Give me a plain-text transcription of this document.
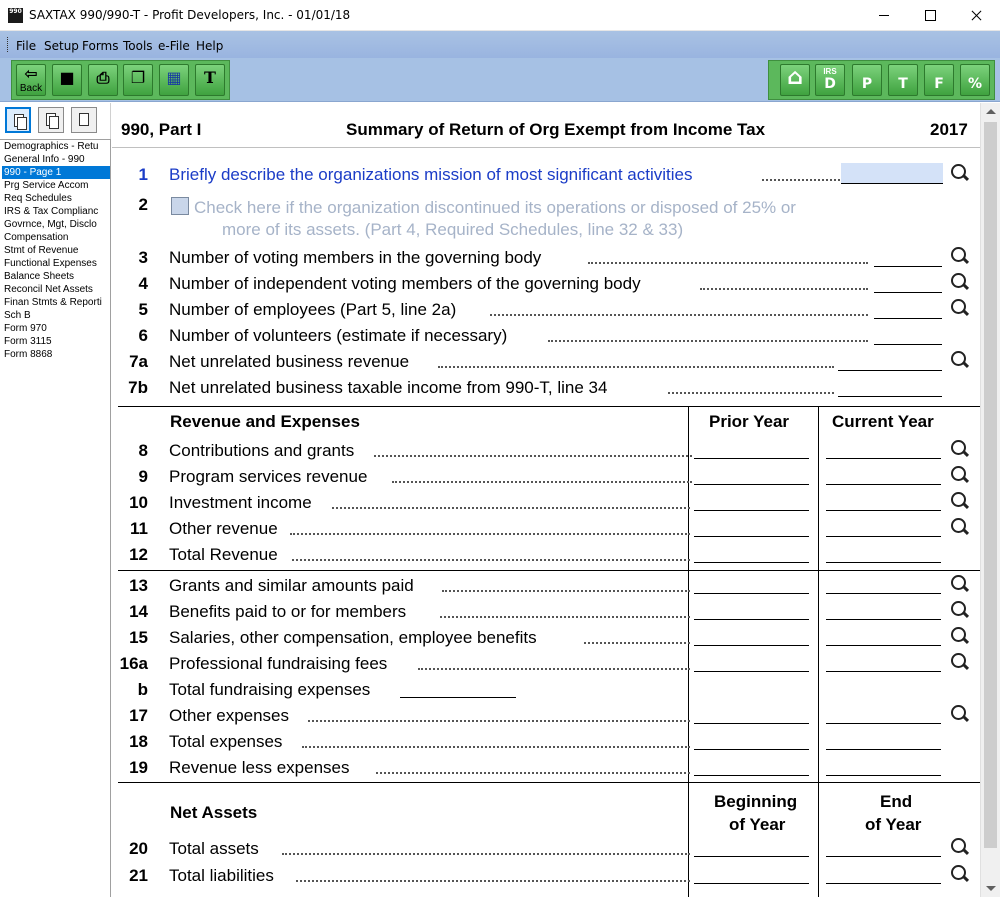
990 SAXTAX 990/990-T - Profit Developers, Inc. - 01/01/18
File Setup Forms Tools e-File Help
⇦
Back
■	⎙	❐	▦	T	⌂	IRS
D	P	T	F	%
Demographics - Retu
General Info - 990
990 - Page 1
Prg Service Accom
Req Schedules
IRS & Tax Complianc
Govrnce, Mgt, Disclo
Compensation
Stmt of Revenue
Functional Expenses
Balance Sheets
Reconcil Net Assets
Finan Stmts & Reporti
Sch B
Form 970
Form 3115
Form 8868
990, Part I	Summary of Return of Org Exempt from Income Tax	2017
1 Briefly describe the organizations mission of most significant activities
2	Check here if the organization discontinued its operations or disposed of 25% or
more of its assets. (Part 4, Required Schedules, line 32 & 33)
3 Number of voting members in the governing body
4 Number of independent voting members of the governing body
5 Number of employees (Part 5, line 2a)
6 Number of volunteers (estimate if necessary)
7a Net unrelated business revenue
7b Net unrelated business taxable income from 990-T, line 34
Revenue and Expenses	Prior Year	Current Year
8 Contributions and grants
9 Program services revenue
10 Investment income
11 Other revenue
12 Total Revenue
13 Grants and similar amounts paid
14 Benefits paid to or for members
15 Salaries, other compensation, employee benefits
16a Professional fundraising fees
b Total fundraising expenses
17 Other expenses
18 Total expenses
19 Revenue less expenses
Net Assets
Beginning
of Year
End
of Year
20 Total assets
21 Total liabilities
